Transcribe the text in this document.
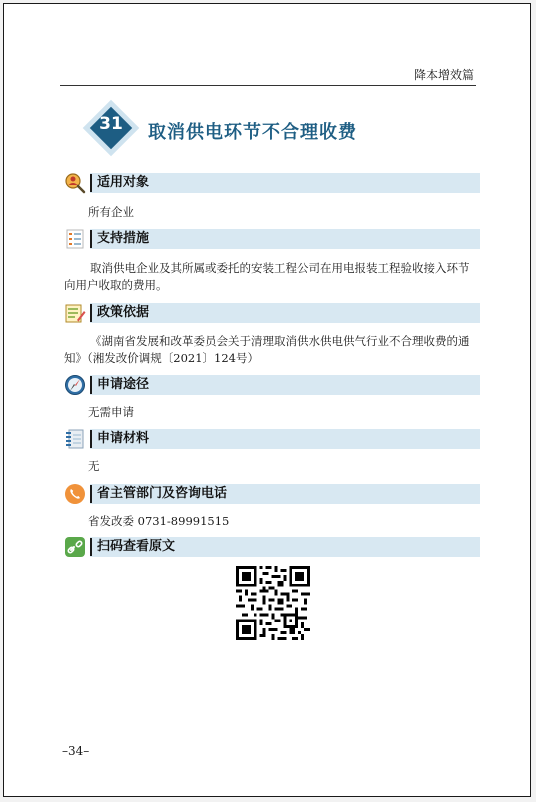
降本增效篇
31	取消供电环节不合理收费
适用对象
所有企业
支持措施
取消供电企业及其所属或委托的安装工程公司在用电报装工程验收接入环节向用户收取的费用。
政策依据
《湖南省发展和改革委员会关于清理取消供水供电供气行业不合理收费的通知》（湘发改价调规〔2021〕124号）
申请途径
无需申请
申请材料
无
省主管部门及咨询电话
省发改委 0731-89991515
扫码查看原文
–34–
